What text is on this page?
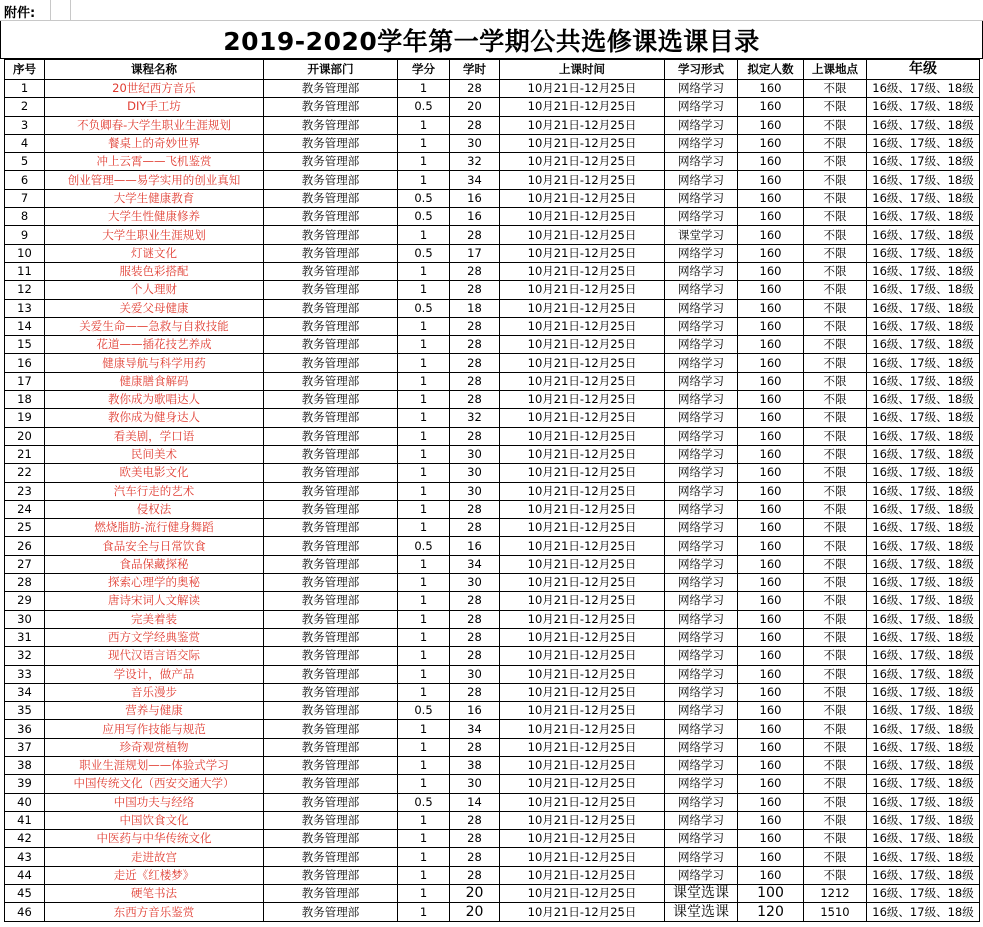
附件:
2019-2020学年第一学期公共选修课选课目录
序号	课程名称	开课部门	学分	学时	上课时间	学习形式	拟定人数	上课地点	年级
1	20世纪西方音乐	教务管理部	1	28	10月21日-12月25日	网络学习	160	不限	16级、17级、18级
2	DIY手工坊	教务管理部	0.5	20	10月21日-12月25日	网络学习	160	不限	16级、17级、18级
3	不负卿春-大学生职业生涯规划	教务管理部	1	28	10月21日-12月25日	网络学习	160	不限	16级、17级、18级
4	餐桌上的奇妙世界	教务管理部	1	30	10月21日-12月25日	网络学习	160	不限	16级、17级、18级
5	冲上云霄——飞机鉴赏	教务管理部	1	32	10月21日-12月25日	网络学习	160	不限	16级、17级、18级
6	创业管理——易学实用的创业真知	教务管理部	1	34	10月21日-12月25日	网络学习	160	不限	16级、17级、18级
7	大学生健康教育	教务管理部	0.5	16	10月21日-12月25日	网络学习	160	不限	16级、17级、18级
8	大学生性健康修养	教务管理部	0.5	16	10月21日-12月25日	网络学习	160	不限	16级、17级、18级
9	大学生职业生涯规划	教务管理部	1	28	10月21日-12月25日	课堂学习	160	不限	16级、17级、18级
10	灯谜文化	教务管理部	0.5	17	10月21日-12月25日	网络学习	160	不限	16级、17级、18级
11	服装色彩搭配	教务管理部	1	28	10月21日-12月25日	网络学习	160	不限	16级、17级、18级
12	个人理财	教务管理部	1	28	10月21日-12月25日	网络学习	160	不限	16级、17级、18级
13	关爱父母健康	教务管理部	0.5	18	10月21日-12月25日	网络学习	160	不限	16级、17级、18级
14	关爱生命——急救与自救技能	教务管理部	1	28	10月21日-12月25日	网络学习	160	不限	16级、17级、18级
15	花道——插花技艺养成	教务管理部	1	28	10月21日-12月25日	网络学习	160	不限	16级、17级、18级
16	健康导航与科学用药	教务管理部	1	28	10月21日-12月25日	网络学习	160	不限	16级、17级、18级
17	健康膳食解码	教务管理部	1	28	10月21日-12月25日	网络学习	160	不限	16级、17级、18级
18	教你成为歌唱达人	教务管理部	1	28	10月21日-12月25日	网络学习	160	不限	16级、17级、18级
19	教你成为健身达人	教务管理部	1	32	10月21日-12月25日	网络学习	160	不限	16级、17级、18级
20	看美剧，学口语	教务管理部	1	28	10月21日-12月25日	网络学习	160	不限	16级、17级、18级
21	民间美术	教务管理部	1	30	10月21日-12月25日	网络学习	160	不限	16级、17级、18级
22	欧美电影文化	教务管理部	1	30	10月21日-12月25日	网络学习	160	不限	16级、17级、18级
23	汽车行走的艺术	教务管理部	1	30	10月21日-12月25日	网络学习	160	不限	16级、17级、18级
24	侵权法	教务管理部	1	28	10月21日-12月25日	网络学习	160	不限	16级、17级、18级
25	燃烧脂肪-流行健身舞蹈	教务管理部	1	28	10月21日-12月25日	网络学习	160	不限	16级、17级、18级
26	食品安全与日常饮食	教务管理部	0.5	16	10月21日-12月25日	网络学习	160	不限	16级、17级、18级
27	食品保藏探秘	教务管理部	1	34	10月21日-12月25日	网络学习	160	不限	16级、17级、18级
28	探索心理学的奥秘	教务管理部	1	30	10月21日-12月25日	网络学习	160	不限	16级、17级、18级
29	唐诗宋词人文解读	教务管理部	1	28	10月21日-12月25日	网络学习	160	不限	16级、17级、18级
30	完美着装	教务管理部	1	28	10月21日-12月25日	网络学习	160	不限	16级、17级、18级
31	西方文学经典鉴赏	教务管理部	1	28	10月21日-12月25日	网络学习	160	不限	16级、17级、18级
32	现代汉语言语交际	教务管理部	1	28	10月21日-12月25日	网络学习	160	不限	16级、17级、18级
33	学设计，做产品	教务管理部	1	30	10月21日-12月25日	网络学习	160	不限	16级、17级、18级
34	音乐漫步	教务管理部	1	28	10月21日-12月25日	网络学习	160	不限	16级、17级、18级
35	营养与健康	教务管理部	0.5	16	10月21日-12月25日	网络学习	160	不限	16级、17级、18级
36	应用写作技能与规范	教务管理部	1	34	10月21日-12月25日	网络学习	160	不限	16级、17级、18级
37	珍奇观赏植物	教务管理部	1	28	10月21日-12月25日	网络学习	160	不限	16级、17级、18级
38	职业生涯规划——体验式学习	教务管理部	1	38	10月21日-12月25日	网络学习	160	不限	16级、17级、18级
39	中国传统文化（西安交通大学）	教务管理部	1	30	10月21日-12月25日	网络学习	160	不限	16级、17级、18级
40	中国功夫与经络	教务管理部	0.5	14	10月21日-12月25日	网络学习	160	不限	16级、17级、18级
41	中国饮食文化	教务管理部	1	28	10月21日-12月25日	网络学习	160	不限	16级、17级、18级
42	中医药与中华传统文化	教务管理部	1	28	10月21日-12月25日	网络学习	160	不限	16级、17级、18级
43	走进故宫	教务管理部	1	28	10月21日-12月25日	网络学习	160	不限	16级、17级、18级
44	走近《红楼梦》	教务管理部	1	28	10月21日-12月25日	网络学习	160	不限	16级、17级、18级
45	硬笔书法	教务管理部	1	20	10月21日-12月25日	课堂选课	100	1212	16级、17级、18级
46	东西方音乐鉴赏	教务管理部	1	20	10月21日-12月25日	课堂选课	120	1510	16级、17级、18级
